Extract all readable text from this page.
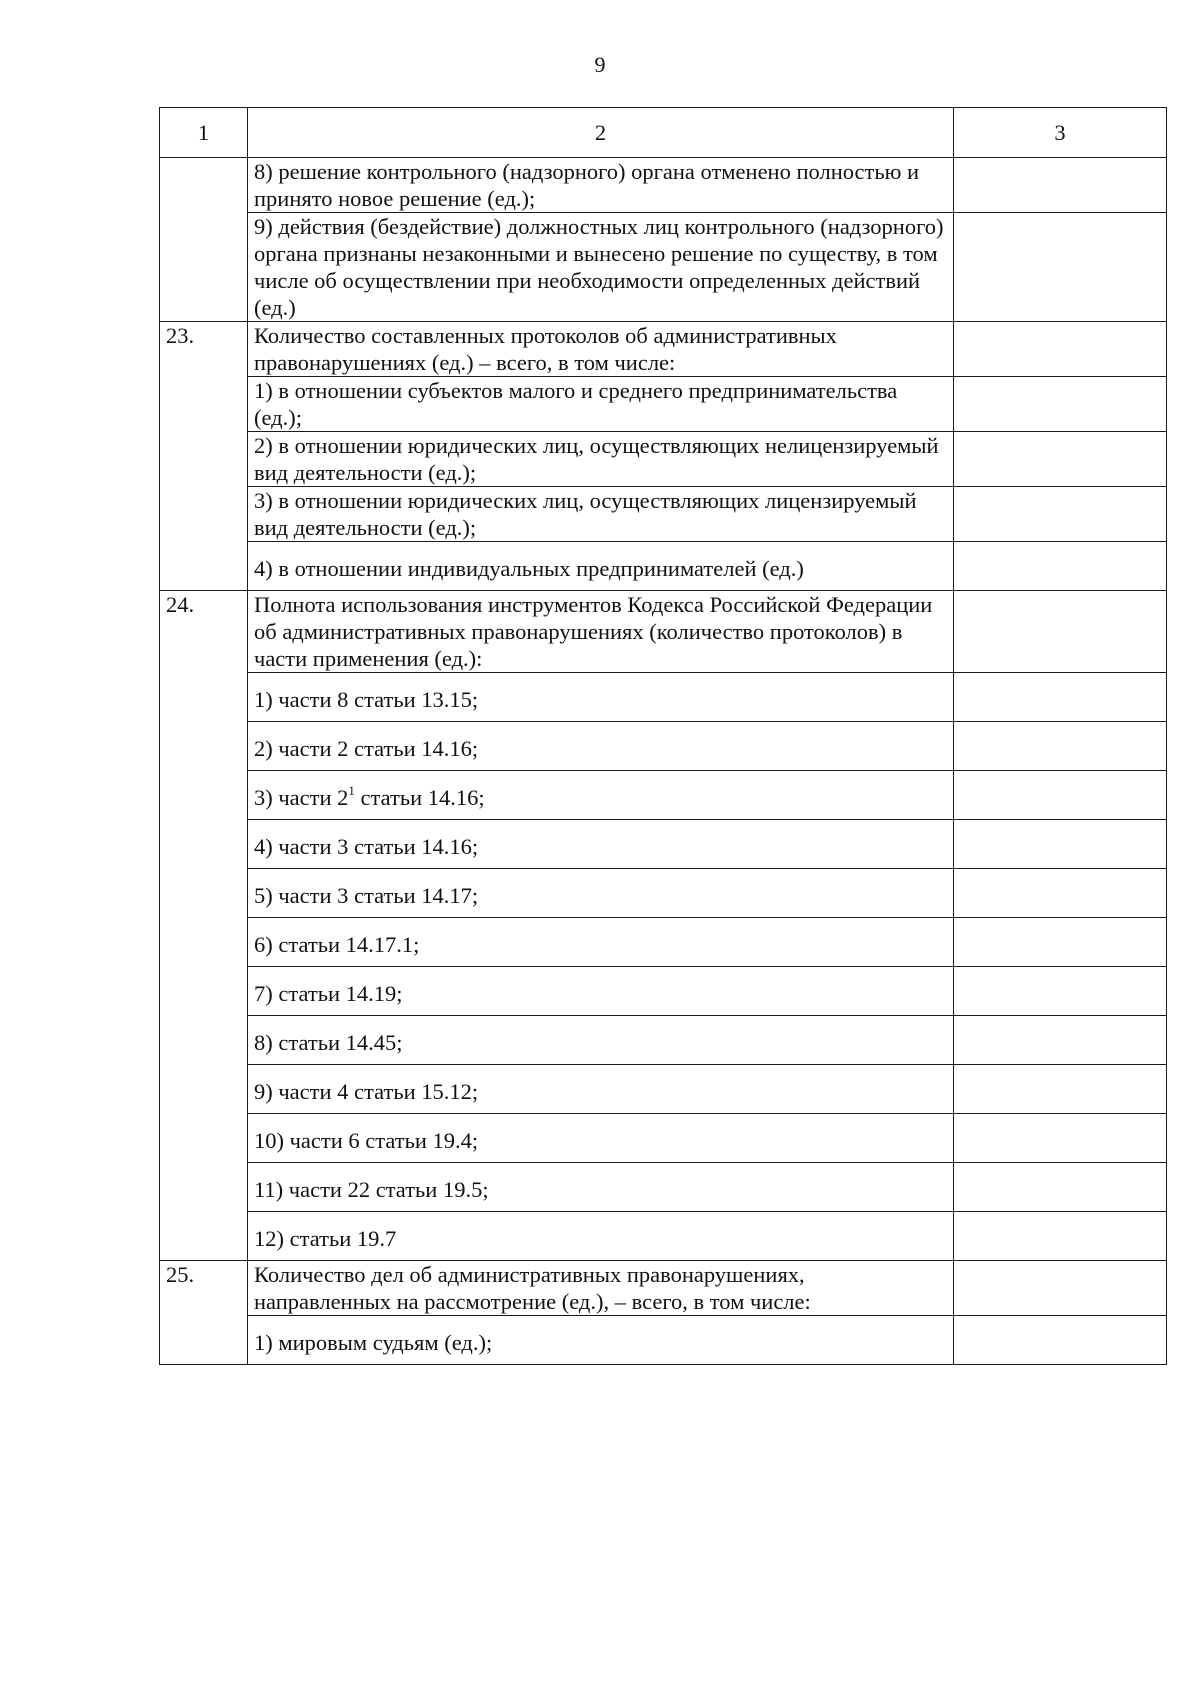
9
1	2	3
	8) решение контрольного (надзорного) органа отменено полностью и принято новое решение (ед.);	
	9) действия (бездействие) должностных лиц контрольного (надзорного) органа признаны незаконными и вынесено решение по существу, в том числе об осуществлении при необходимости определенных действий (ед.)	
23.	Количество составленных протоколов об административных правонарушениях (ед.) – всего, в том числе:	
	1) в отношении субъектов малого и среднего предпринимательства (ед.);	
	2) в отношении юридических лиц, осуществляющих нелицензируемый вид деятельности (ед.);	
	3) в отношении юридических лиц, осуществляющих лицензируемый вид деятельности (ед.);	
	4) в отношении индивидуальных предпринимателей (ед.)	
24.	Полнота использования инструментов Кодекса Российской Федерации об административных правонарушениях (количество протоколов) в части применения (ед.):	
	1) части 8 статьи 13.15;	
	2) части 2 статьи 14.16;	
	3) части $2^1$ статьи 14.16;	
	4) части 3 статьи 14.16;	
	5) части 3 статьи 14.17;	
	6) статьи 14.17.1;	
	7) статьи 14.19;	
	8) статьи 14.45;	
	9) части 4 статьи 15.12;	
	10) части 6 статьи 19.4;	
	11) части 22 статьи 19.5;	
	12) статьи 19.7	
25.	Количество дел об административных правонарушениях, направленных на рассмотрение (ед.), – всего, в том числе:	
	1) мировым судьям (ед.);	
